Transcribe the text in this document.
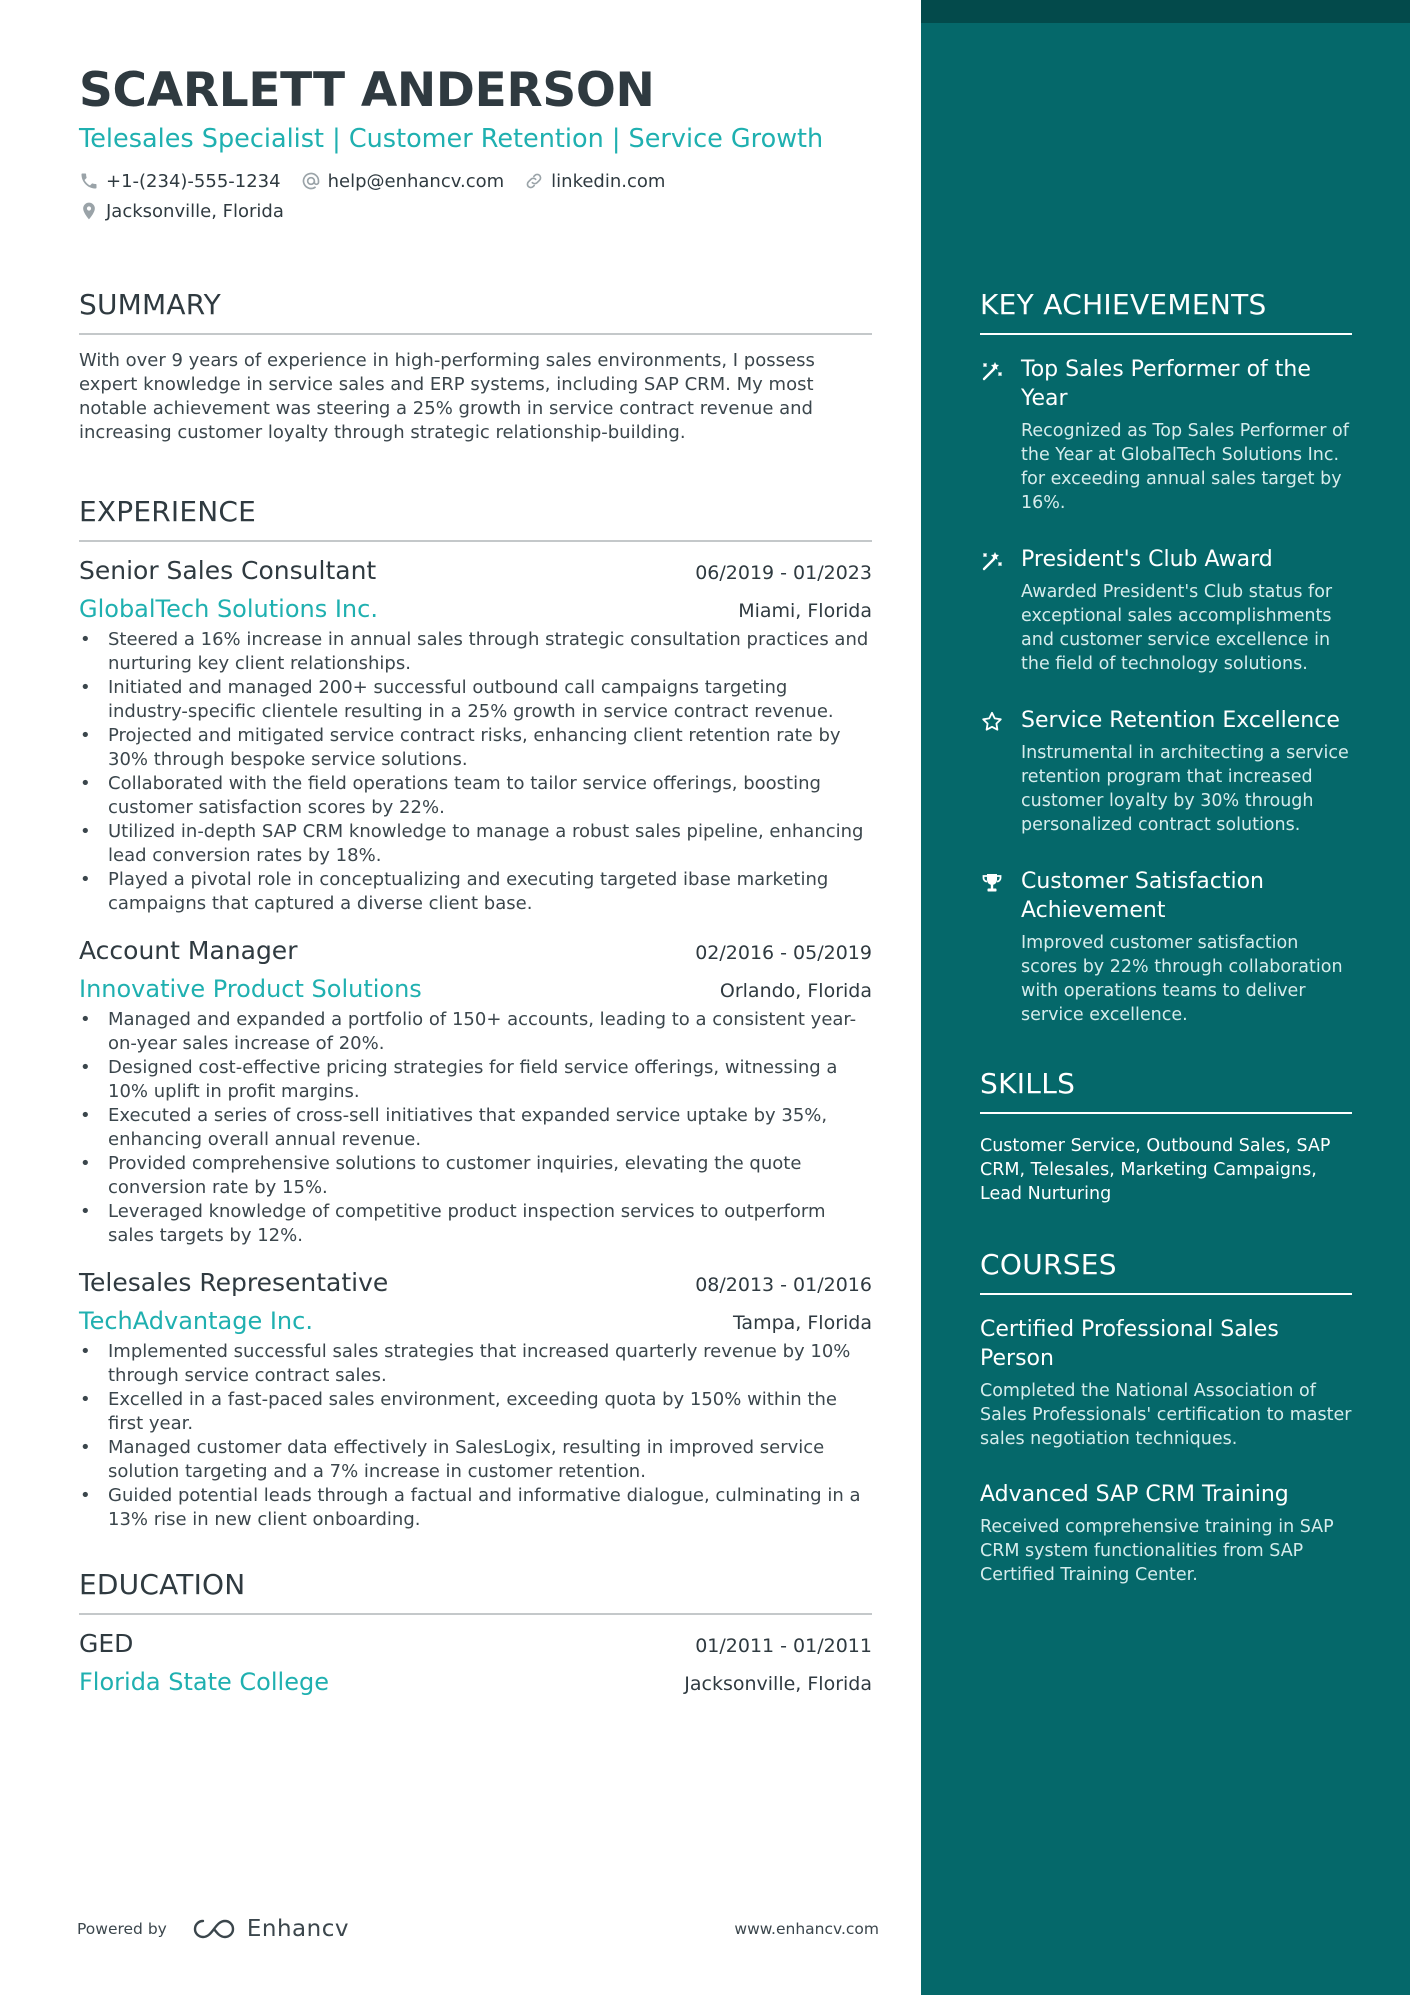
SCARLETT ANDERSON
Telesales Specialist | Customer Retention | Service Growth
+1-(234)-555-1234	help@enhancv.com	linkedin.com
Jacksonville, Florida
SUMMARY
With over 9 years of experience in high-performing sales environments, I possess expert knowledge in service sales and ERP systems, including SAP CRM. My most notable achievement was steering a 25% growth in service contract revenue and increasing customer loyalty through strategic relationship-building.
EXPERIENCE
Senior Sales Consultant	06/2019 - 01/2023
GlobalTech Solutions Inc.	Miami, Florida
• Steered a 16% increase in annual sales through strategic consultation practices and nurturing key client relationships.
• Initiated and managed 200+ successful outbound call campaigns targeting industry-specific clientele resulting in a 25% growth in service contract revenue.
• Projected and mitigated service contract risks, enhancing client retention rate by 30% through bespoke service solutions.
• Collaborated with the field operations team to tailor service offerings, boosting customer satisfaction scores by 22%.
• Utilized in-depth SAP CRM knowledge to manage a robust sales pipeline, enhancing lead conversion rates by 18%.
• Played a pivotal role in conceptualizing and executing targeted ibase marketing campaigns that captured a diverse client base.
Account Manager	02/2016 - 05/2019
Innovative Product Solutions	Orlando, Florida
• Managed and expanded a portfolio of 150+ accounts, leading to a consistent year-on-year sales increase of 20%.
• Designed cost-effective pricing strategies for field service offerings, witnessing a 10% uplift in profit margins.
• Executed a series of cross-sell initiatives that expanded service uptake by 35%, enhancing overall annual revenue.
• Provided comprehensive solutions to customer inquiries, elevating the quote conversion rate by 15%.
• Leveraged knowledge of competitive product inspection services to outperform sales targets by 12%.
Telesales Representative	08/2013 - 01/2016
TechAdvantage Inc.	Tampa, Florida
• Implemented successful sales strategies that increased quarterly revenue by 10% through service contract sales.
• Excelled in a fast-paced sales environment, exceeding quota by 150% within the first year.
• Managed customer data effectively in SalesLogix, resulting in improved service solution targeting and a 7% increase in customer retention.
• Guided potential leads through a factual and informative dialogue, culminating in a 13% rise in new client onboarding.
EDUCATION
GED	01/2011 - 01/2011
Florida State College	Jacksonville, Florida
Powered by	Enhancv	www.enhancv.com
KEY ACHIEVEMENTS
Top Sales Performer of the Year
Recognized as Top Sales Performer of the Year at GlobalTech Solutions Inc. for exceeding annual sales target by 16%.
President's Club Award
Awarded President's Club status for exceptional sales accomplishments and customer service excellence in the field of technology solutions.
Service Retention Excellence
Instrumental in architecting a service retention program that increased customer loyalty by 30% through personalized contract solutions.
Customer Satisfaction Achievement
Improved customer satisfaction scores by 22% through collaboration with operations teams to deliver service excellence.
SKILLS
Customer Service, Outbound Sales, SAP CRM, Telesales, Marketing Campaigns, Lead Nurturing
COURSES
Certified Professional Sales Person
Completed the National Association of Sales Professionals' certification to master sales negotiation techniques.
Advanced SAP CRM Training
Received comprehensive training in SAP CRM system functionalities from SAP Certified Training Center.
